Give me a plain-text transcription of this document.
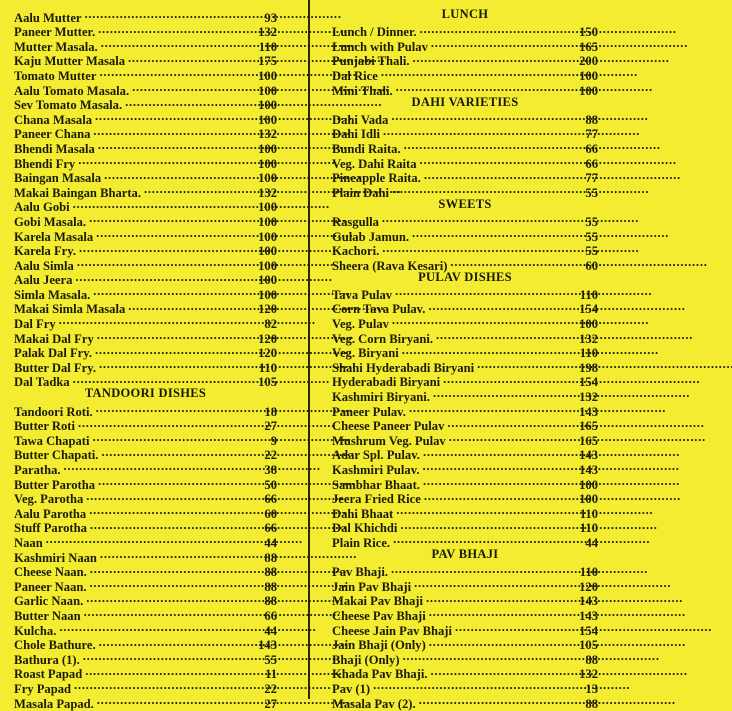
Aalu Mutter . . .	93
Paneer Mutter. . . .	132
Mutter Masala. . . .	110
Kaju Mutter Masala . . .	175
Tomato Mutter . . .	100
Aalu Tomato Masala. . . .	100
Sev Tomato Masala. . . .	100
Chana Masala . . .	100
Paneer Chana . . .	132
Bhendi Masala . . .	100
Bhendi Fry . . .	100
Baingan Masala . . .	100
Makai Baingan Bharta. . . .	132
Aalu Gobi . . .	100
Gobi Masala. . . .	100
Karela Masala . . .	100
Karela Fry. . . .	100
Aalu Simla . . .	100
Aalu Jeera . . .	100
Simla Masala. . . .	100
Makai Simla Masala . . .	120
Dal Fry . . .	82
Makai Dal Fry . . .	120
Palak Dal Fry. . . .	120
Butter Dal Fry. . . .	110
Dal Tadka . . .	105
TANDOORI DISHES
Tandoori Roti. . . .	18
Butter Roti . . .	27
Tawa Chapati . . .	9
Butter Chapati. . . .	22
Paratha. . . .	38
Butter Parotha . . .	50
Veg. Parotha . . .	66
Aalu Parotha . . .	60
Stuff Parotha . . .	66
Naan . . .	44
Kashmiri Naan . . .	88
Cheese Naan. . . .	88
Paneer Naan. . . .	88
Garlic Naan. . . .	88
Butter Naan . . .	66
Kulcha. . . .	44
Chole Bathure. . . .	143
Bathura (1). . . .	55
Roast Papad . . .	11
Fry Papad . . .	22
Masala Papad. . . .	27
LUNCH
Lunch / Dinner. . . .	150
Lunch with Pulav . . .	165
Punjabi Thali. . . .	200
Dal Rice . . .	100
Mini Thali. . . .	100
DAHI VARIETIES
Dahi Vada . . .	88
Dahi Idli . . .	77
Bundi Raita. . . .	66
Veg. Dahi Raita . . .	66
Pineapple Raita. . . .	77
Plain Dahi . . .	55
SWEETS
Rasgulla . . .	55
Gulab Jamun. . . .	55
Kachori. . . .	55
Sheera (Rava Kesari) . . .	60
PULAV DISHES
Tava Pulav . . .	110
Corn Tava Pulav. . . .	154
Veg. Pulav . . .	100
Veg. Corn Biryani. . . .	132
Veg. Biryani . . .	110
Shahi Hyderabadi Biryani . . .	198
Hyderabadi Biryani . . .	154
Kashmiri Biryani. . . .	132
Paneer Pulav. . . .	143
Cheese Paneer Pulav . . .	165
Mushrum Veg. Pulav . . .	165
Adar Spl. Pulav. . . .	143
Kashmiri Pulav. . . .	143
Sambhar Bhaat. . . .	100
Jeera Fried Rice . . .	100
Dahi Bhaat . . .	110
Dal Khichdi . . .	110
Plain Rice. . . .	44
PAV BHAJI
Pav Bhaji. . . .	110
Jain Pav Bhaji . . .	120
Makai Pav Bhaji . . .	143
Cheese Pav Bhaji . . .	143
Cheese Jain Pav Bhaji . . .	154
Jain Bhaji (Only) . . .	105
Bhaji (Only) . . .	88
Khada Pav Bhaji. . . .	132
Pav (1) . . .	13
Masala Pav (2). . . .	88
